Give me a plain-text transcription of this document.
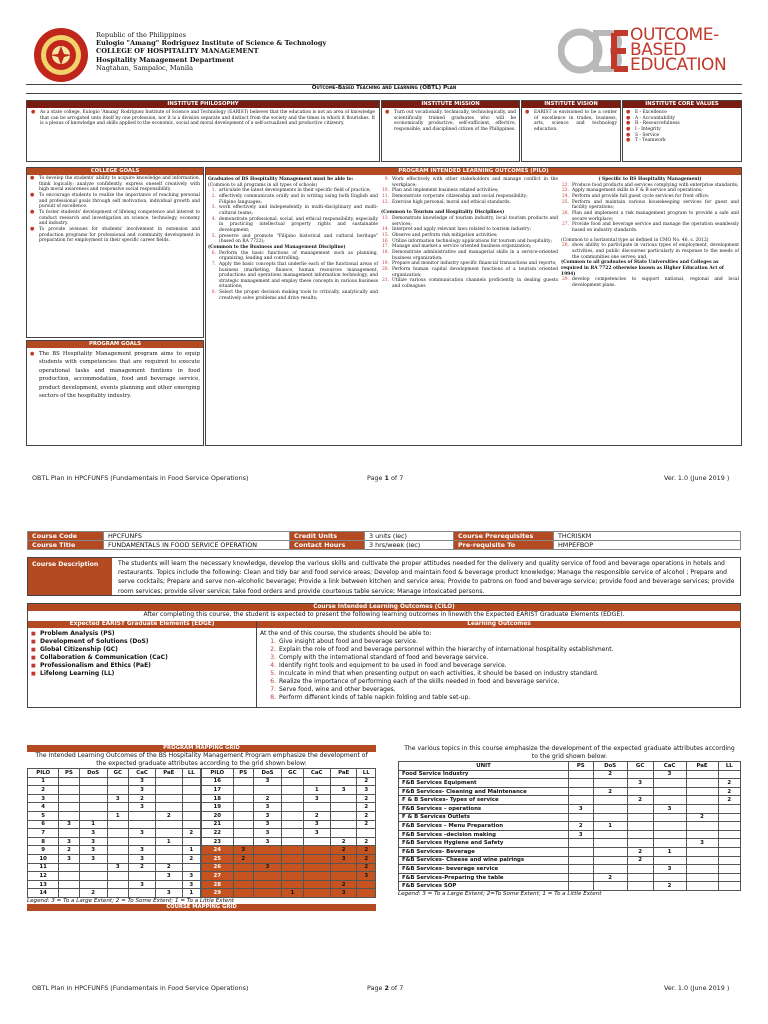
Republic of the Philippines
Eulogio "Amang" Rodriguez Institute of Science & Technology
COLLEGE OF HOSPITALITY MANAGEMENT
Hospitality Management Department
Nagtahan, Sampaloc, Manila
OUTCOME-
BASED
EDUCATION
Outcome-Based Teaching and Learning (OBTL) Plan
INSTITUTE PHILOSOPHY
●	As a state college, Eulogio 'Amang' Rodriguez Institute of Science and Technology (EARIST) believes that the education is not an area of knowledge that can be arrogated unto itself by one profession, nor it is a division separate and distinct from the society and the times in which it flourishes. It is a plexus of knowledge and skills applied to the economic, social and moral development of a self-actualized and productive citizenry.
INSTITUTE MISSION
●	Turn out vocationally, technically, technologically, and scientifically trained graduates who will be economically productive, self-sufficient, effective, responsible, and disciplined citizen of the Philippines.
INSTITUTE VISION
●	EARIST is envisioned to be a center of excellence in trades, business, arts, science and technology education.
INSTITUTE CORE VALUES
●	E - Excellence
●	A - Accountability
●	R - Resourcefulness
●	I - Integrity
●	S - Service
●	T - Teamwork
COLLEGE GOALS
●	To develop the students' ability to acquire knowledge and information, think logically; analyze confidently, express oneself creatively with high moral awareness and responsive social responsibility.
●	To encourage students to realize the importance of reaching personal and professional goals through self motivation, individual growth and pursuit of excellence.
●	To foster students' development of lifelong competence and interest to conduct research and investigation on science, technology, economy and industry.
●	To provide avenues for students' involvement in extension and production programs for professional and community development in preparation for employment in their specific career fields.
PROGRAM GOALS
● The BS Hospitality Management program aims to equip students with competencies that are required to execute operational tasks and management funtions in food production, accommodation, food and beverage service, product development, events planning and other emerging sectors of the hospitality industry.
PROGRAM INTENDED LEARNING OUTCOMES (PILO)
Graduates of BS Hospitality Management must be able to:
(Common to all programs in all types of schools)
1. articulate the latest developments in their specific field of practice;
2. effectively communicate orally and in writing using both English and Filipino languages;
3. work effectively and independently in multi-disciplinary and multi-cultural teams;
4. demonstrate professional, social, and ethical responsibility, especially in practicing intellectual property rights and sustainable development;
5. preserve and promote "Filipino historical and cultural heritage" (based on RA 7722);
(Common to the Business and Management Discipline)
6. Perform the basic functions of management such as planning, organizing, leading and controlling;
7. Apply the basic concepts that underlie each of the functional areas of business (marketing, finance, human resources management, productions and operations management information technology, and strategic management and employ these concepts in various business situations;
8. Select the proper decision making tools to critically, analytically and creatively solve problems and drive results;
9. Work effectively with other stakeholders and manage conflict in the workplace;
10. Plan and implement business related activities;
11. Demonstrate corporate citizenship and social responsibility;
12. Exercise high personal, moral and ethical standards.
(Common to Tourism and Hospitality Disciplines)
13. Demonstrate knowledge of tourism industry, local tourism products and services;
14. Interpret and apply relevant laws related to tourism industry;
15. Observe and perform risk mitigation activities;
16. Utilize information technology applications for tourism and hospitality;
17. Manage and market a service oriented business organization;
18. Demonstrate administrative and managerial skills in a service-oriented business organization;
19. Prepare and monitor industry specific financial transactions and reports;
20. Perform human capital development functions of a tourism oriented organization;
21. Utilize various communication channels proficiently in dealing guests and colleagues
( Specific to BS Hospitality Management)
22. Produce food products and services complying with enterprise standards;
23. Apply management skills in F & B service and operations;
24. Perform and provide full guest cycle services for front office;
25. Perform and maintain various housekeeping services for guest and facility operations;
26. Plan and implement a risk management program to provide a safe and secure workplace;
27. Provide food and beverage service and manage the operation seamlessly based on industry standards.
(Common to a horizontal type as defined in CMO No. 46, s. 2012)
28. show ability to participate in various types of employment, development activities, and public discourses particularly in response to the needs of the communities one serves; and,
(Common to all graduates of State Universities and Colleges as required in RA 7722 otherwise known as Higher Education Act of 1994)
29. develop competencies to support national, regional and local development plans.
OBTL Plan in HPCFUNFS (Fundamentals in Food Service Operations)	Page 1 of 7	Ver. 1.0 (June 2019 )
Course Code	HPCFUNFS	Credit Units	3 units (lec)	Course Prerequisites	THCRISKM
Course Title	FUNDAMENTALS IN FOOD SERVICE OPERATION	Contact Hours	3 hrs/week (lec)	Pre-requisite To	HMPEFBOP
Course Description	The students will learn the necessary knowledge, develop the various skills and cultivate the proper attitudes needed for the delivery and quality service of food and beverage operations in hotels and restaurants. Topics include the following: Clean and tidy bar and food service areas; Develop and maintain food & beverage product knowledge; Manage the responsible service of alcohol ; Prepare and serve cocktails; Prepare and serve non-alcoholic beverage; Provide a link between kitchen and service area; Provide to patrons on food and beverage service; provide food and beverage services; provide room services; provide silver service; take food orders and provide courteous table service; Manage intoxicated persons.
Course Intended Learning Outcomes (CILO)
After completing this course, the student is expected to present the following learning outcomes in linewith the Expected EARIST Graduate Elements (EDGE).
Expected EARIST Graduate Elements (EDGE)	Learning Outcomes
■ Problem Analysis (PS)
■ Development of Solutions (DoS)
■ Global Citizenship (GC)
■ Collaboration & Communication (CaC)
■ Professionalism and Ethics (PaE)
■ Lifelong Learning (LL)
At the end of this course, the students should be able to:
1. Give insight about food and beverage service.
2. Explain the role of food and beverage personnel within the hierarchy of international hospitality establishment.
3. Comply with the international standard of food and beverage service.
4. Identify right tools and equipment to be used in food and beverage service.
5. Inculcate in mind that when presenting output on each activities, it should be based on industry standard.
6. Realize the importance of performing each of the skills needed in food and beverage service.
7. Serve food, wine and other beverages.
8. Perform different kinds of table napkin folding and table set-up.
PROGRAM MAPPING GRID
The Intended Learning Outcomes of the BS Hospitality Management Program emphasize the development of the expected graduate attributes according to the grid shown below:
PILO	PS	DoS	GC	CaC	PaE	LL
1				3		
2				3		
3			3	2		
4				3		
5			1		2	
6	3	1				
7		3		3		2
8	3	3			1	
9	2	3		3		1
10	3	3		3		2
11			3	2	2	
12					3	3
13				3		3
14		2			3	1
PILO	PS	DoS	GC	CaC	PaE	LL
16		3				2
17				1	3	3
18		2		3		2
19		3				2
20		3		2		2
21		3		3		2
22		3		3		
23		3			2	2
24	3				2	2
25	2				3	2
26		3				2
27						3
28					2	
29			1		3	
Legend: 3 = To a Large Extent; 2 = To Some Extent; 1 = To a Little Extent
COURSE MAPPING GRID
The various topics in this course emphasize the development of the expected graduate attributes according to the grid shown below:
UNIT	PS	DoS	GC	CaC	PaE	LL
Food Service Industry		2		3		
F&B Services Equipment			3			2
F&B Services- Cleaning and Maintenance		2				2
F & B Services- Types of service			2			2
F&B Services – operations	3			3		
F & B Services Outlets					2	
F&B Services – Menu Preparation	2	1				
F&B Services –decision making	3					
F&B Services Hygiene and Safety					3	
F&B Services- Beverage			2	1		
F&B Services- Cheese and wine pairings			2			
F&B Services- beverage service				3		
F&B Services-Preparing the table		2				
F&B Services SOP				2		
Legend: 3 = To a Large Extent; 2=To Some Extent; 1 = To a Little Extent
OBTL Plan in HPCFUNFS (Fundamentals in Food Service Operations)	Page 2 of 7	Ver. 1.0 (June 2019 )
